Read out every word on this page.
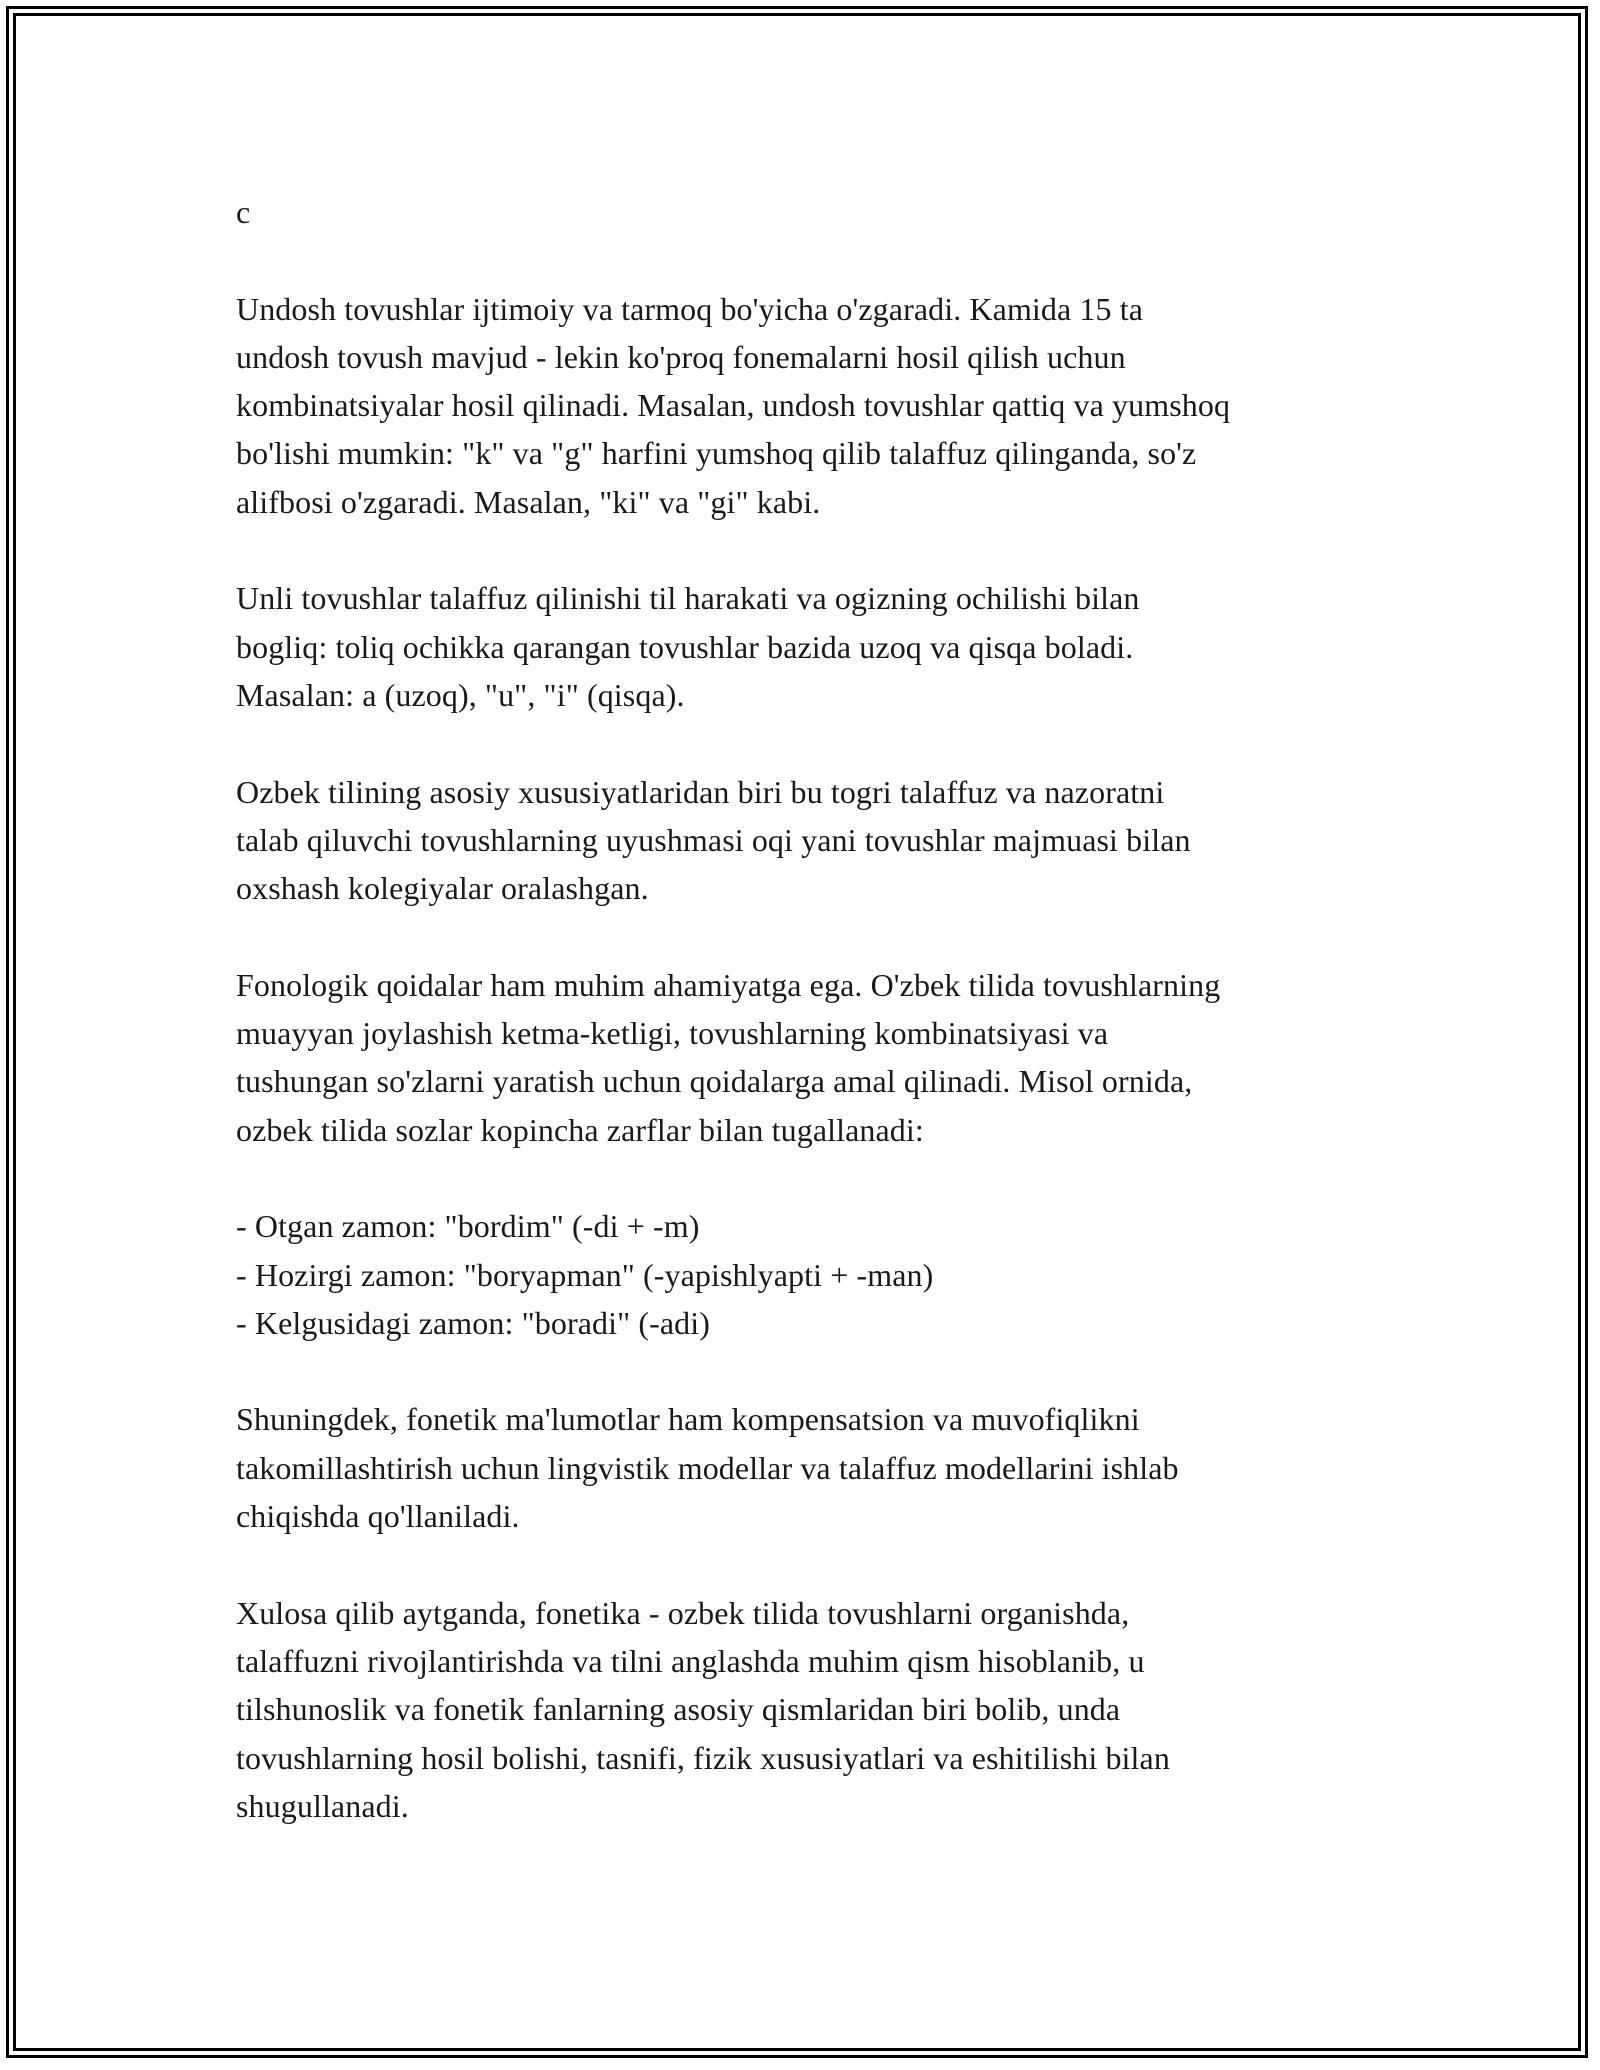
c

Undosh tovushlar ijtimoiy va tarmoq bo'yicha o'zgaradi. Kamida 15 ta
undosh tovush mavjud - lekin ko'proq fonemalarni hosil qilish uchun
kombinatsiyalar hosil qilinadi. Masalan, undosh tovushlar qattiq va yumshoq
bo'lishi mumkin: "k" va "g" harfini yumshoq qilib talaffuz qilinganda, so'z
alifbosi o'zgaradi. Masalan, "ki" va "gi" kabi.

Unli tovushlar talaffuz qilinishi til harakati va ogizning ochilishi bilan
bogliq: toliq ochikka qarangan tovushlar bazida uzoq va qisqa boladi.
Masalan: a (uzoq), "u", "i" (qisqa).

Ozbek tilining asosiy xususiyatlaridan biri bu togri talaffuz va nazoratni
talab qiluvchi tovushlarning uyushmasi oqi yani tovushlar majmuasi bilan
oxshash kolegiyalar oralashgan.

Fonologik qoidalar ham muhim ahamiyatga ega. O'zbek tilida tovushlarning
muayyan joylashish ketma-ketligi, tovushlarning kombinatsiyasi va
tushungan so'zlarni yaratish uchun qoidalarga amal qilinadi. Misol ornida,
ozbek tilida sozlar kopincha zarflar bilan tugallanadi:

- Otgan zamon: "bordim" (-di + -m)
- Hozirgi zamon: "boryapman" (-yapishlyapti + -man)
- Kelgusidagi zamon: "boradi" (-adi)

Shuningdek, fonetik ma'lumotlar ham kompensatsion va muvofiqlikni
takomillashtirish uchun lingvistik modellar va talaffuz modellarini ishlab
chiqishda qo'llaniladi.

Xulosa qilib aytganda, fonetika - ozbek tilida tovushlarni organishda,
talaffuzni rivojlantirishda va tilni anglashda muhim qism hisoblanib, u
tilshunoslik va fonetik fanlarning asosiy qismlaridan biri bolib, unda
tovushlarning hosil bolishi, tasnifi, fizik xususiyatlari va eshitilishi bilan
shugullanadi.
